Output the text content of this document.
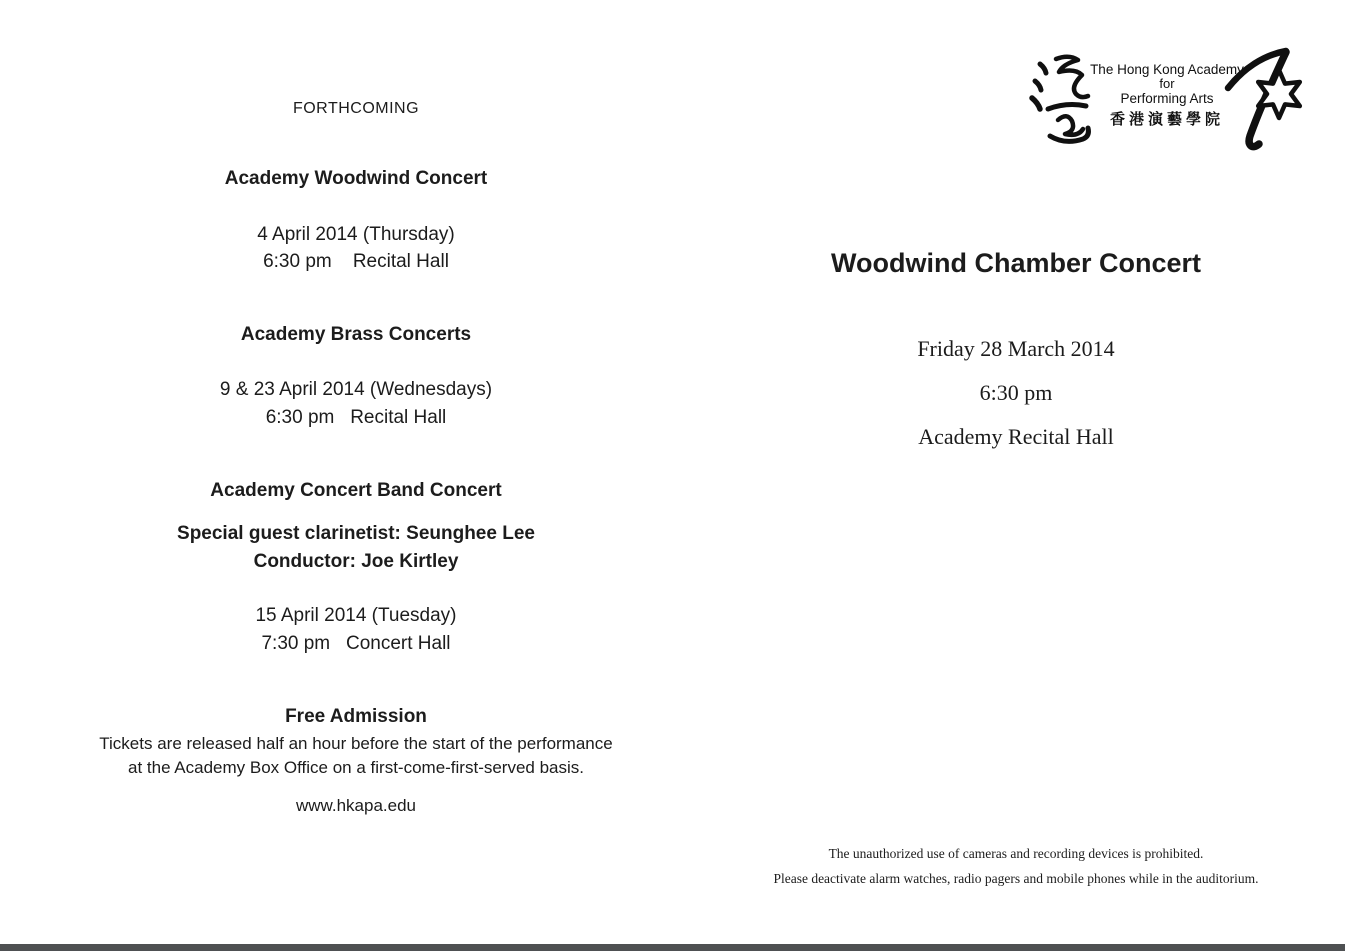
FORTHCOMING
Academy Woodwind Concert
4 April 2014 (Thursday)
6:30 pm    Recital Hall
Academy Brass Concerts
9 & 23 April 2014 (Wednesdays)
6:30 pm   Recital Hall
Academy Concert Band Concert
Special guest clarinetist: Seunghee Lee
Conductor: Joe Kirtley
15 April 2014 (Tuesday)
7:30 pm   Concert Hall
Free Admission
Tickets are released half an hour before the start of the performance
at the Academy Box Office on a first-come-first-served basis.
www.hkapa.edu
The Hong Kong Academy
for
Performing Arts
香港演藝學院
Woodwind Chamber Concert
Friday 28 March 2014
6:30 pm
Academy Recital Hall
The unauthorized use of cameras and recording devices is prohibited.
Please deactivate alarm watches, radio pagers and mobile phones while in the auditorium.
